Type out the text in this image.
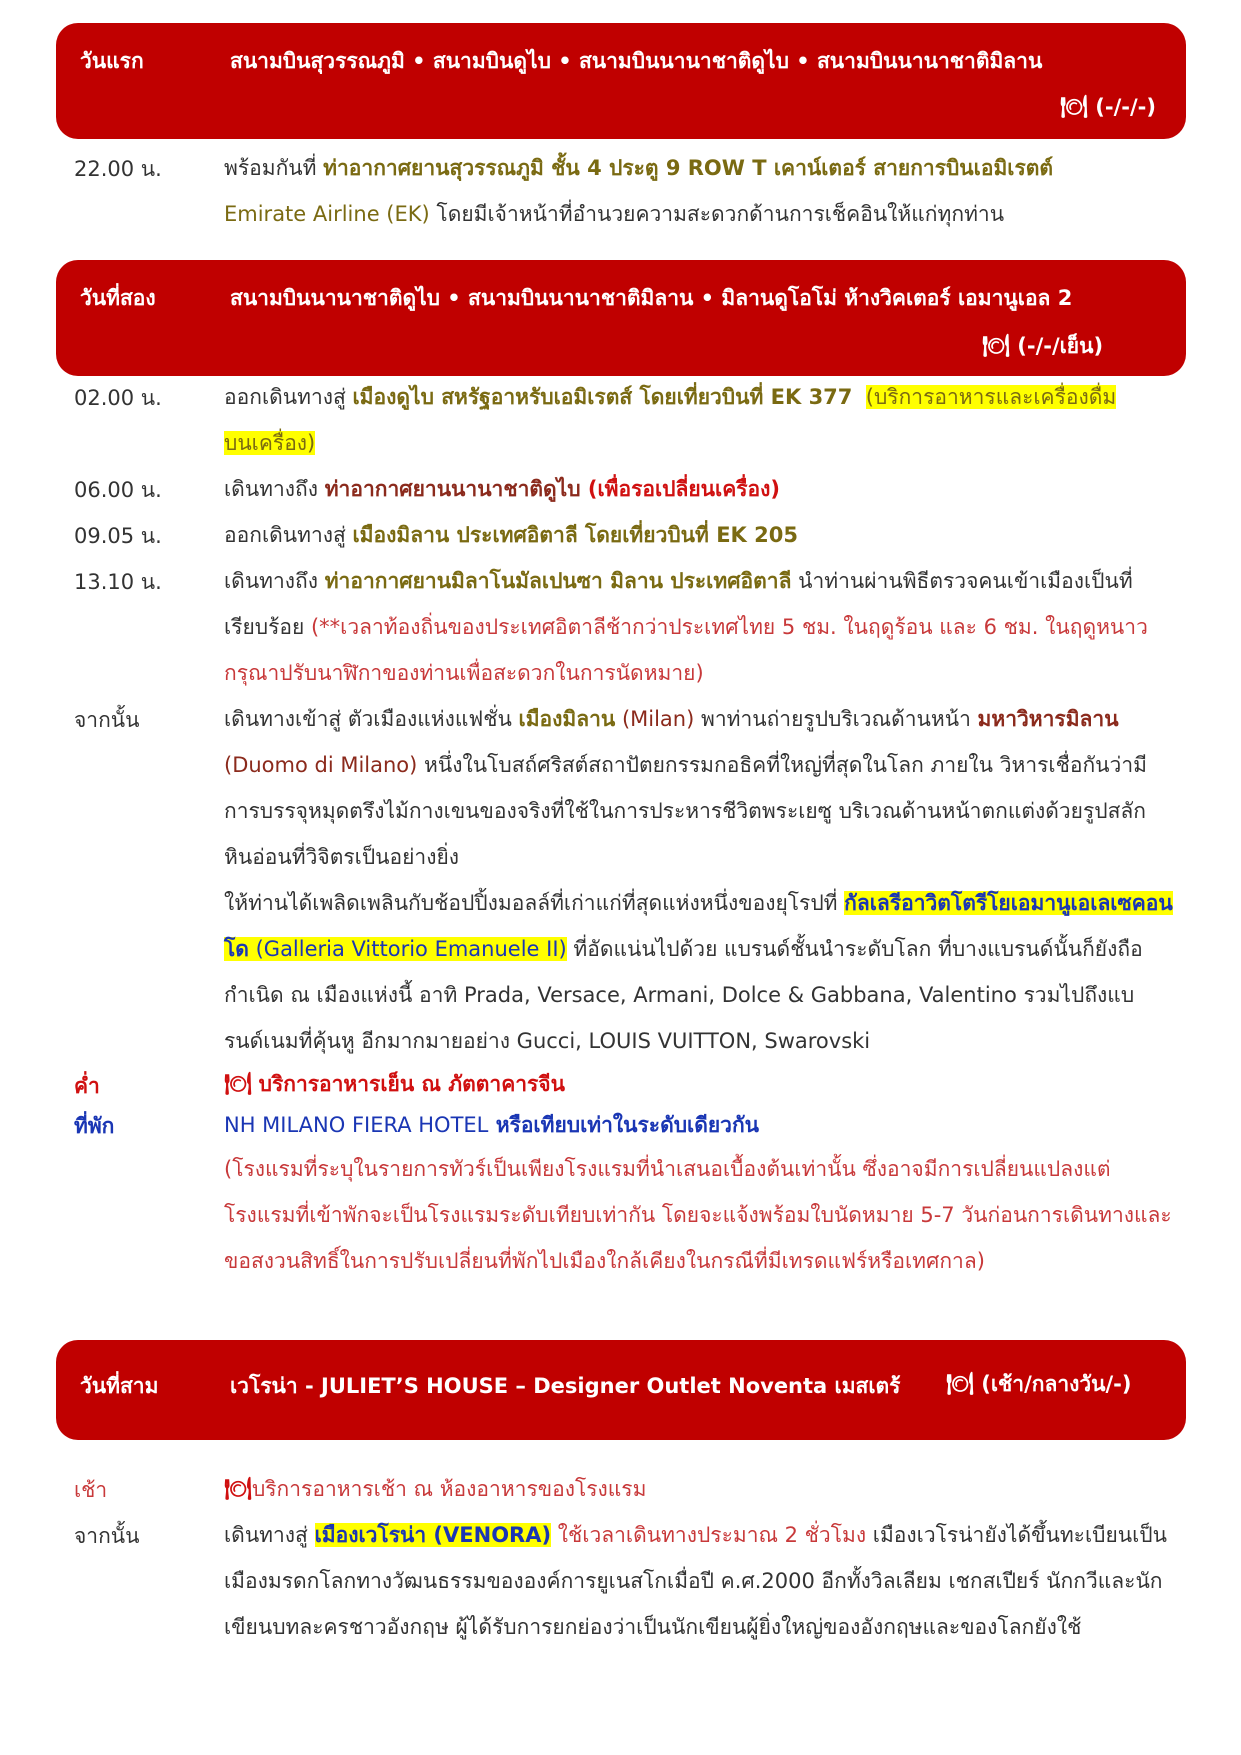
วันแรก	สนามบินสุวรรณภูมิ • สนามบินดูไบ • สนามบินนานาชาติดูไบ • สนามบินนานาชาติมิลาน
🍽 (-/-/-)
22.00 น.	พร้อมกันที่ ท่าอากาศยานสุวรรณภูมิ ชั้น 4 ประตู 9 ROW T เคาน์เตอร์ สายการบินเอมิเรตต์
Emirate Airline (EK) โดยมีเจ้าหน้าที่อำนวยความสะดวกด้านการเช็คอินให้แก่ทุกท่าน
วันที่สอง	สนามบินนานาชาติดูไบ • สนามบินนานาชาติมิลาน • มิลานดูโอโม่ ห้างวิคเตอร์ เอมานูเอล 2
🍽 (-/-/เย็น)
02.00 น.	ออกเดินทางสู่ เมืองดูไบ สหรัฐอาหรับเอมิเรตส์ โดยเที่ยวบินที่ EK 377 (บริการอาหารและเครื่องดื่ม
บนเครื่อง)
06.00 น.	เดินทางถึง ท่าอากาศยานนานาชาติดูไบ (เพื่อรอเปลี่ยนเครื่อง)
09.05 น.	ออกเดินทางสู่ เมืองมิลาน ประเทศอิตาลี โดยเที่ยวบินที่ EK 205
13.10 น.	เดินทางถึง ท่าอากาศยานมิลาโนมัลเปนซา มิลาน ประเทศอิตาลี นำท่านผ่านพิธีตรวจคนเข้าเมืองเป็นที่เรียบร้อย (**เวลาท้องถิ่นของประเทศอิตาลีช้ากว่าประเทศไทย 5 ชม. ในฤดูร้อน และ 6 ชม. ในฤดูหนาว กรุณาปรับนาฬิกาของท่านเพื่อสะดวกในการนัดหมาย)
จากนั้น	เดินทางเข้าสู่ ตัวเมืองแห่งแฟชั่น เมืองมิลาน (Milan) พาท่านถ่ายรูปบริเวณด้านหน้า มหาวิหารมิลาน (Duomo di Milano) หนึ่งในโบสถ์ศริสต์สถาปัตยกรรมกอธิคที่ใหญ่ที่สุดในโลก ภายใน วิหารเชื่อกันว่ามีการบรรจุหมุดตรึงไม้กางเขนของจริงที่ใช้ในการประหารชีวิตพระเยซู บริเวณด้านหน้าตกแต่งด้วยรูปสลักหินอ่อนที่วิจิตรเป็นอย่างยิ่ง
ให้ท่านได้เพลิดเพลินกับช้อปปิ้งมอลล์ที่เก่าแก่ที่สุดแห่งหนึ่งของยุโรปที่ กัลเลรีอาวิตโตรีโยเอมานูเอเลเซคอนโด (Galleria Vittorio Emanuele II) ที่อัดแน่นไปด้วย แบรนด์ชั้นนำระดับโลก ที่บางแบรนด์นั้นก็ยังถือ กำเนิด ณ เมืองแห่งนี้ อาทิ Prada, Versace, Armani, Dolce & Gabbana, Valentino รวมไปถึงแบรนด์เนมที่คุ้นหู อีกมากมายอย่าง Gucci, LOUIS VUITTON, Swarovski
ค่ำ	🍽 บริการอาหารเย็น ณ ภัตตาคารจีน
ที่พัก	NH MILANO FIERA HOTEL หรือเทียบเท่าในระดับเดียวกัน
(โรงแรมที่ระบุในรายการทัวร์เป็นเพียงโรงแรมที่นำเสนอเบื้องต้นเท่านั้น ซึ่งอาจมีการเปลี่ยนแปลงแต่โรงแรมที่เข้าพักจะเป็นโรงแรมระดับเทียบเท่ากัน โดยจะแจ้งพร้อมใบนัดหมาย 5-7 วันก่อนการเดินทางและขอสงวนสิทธิ์ในการปรับเปลี่ยนที่พักไปเมืองใกล้เคียงในกรณีที่มีเทรดแฟร์หรือเทศกาล)
วันที่สาม	เวโรน่า - JULIET’S HOUSE – Designer Outlet Noventa เมสเตร้ 🍽 (เช้า/กลางวัน/-)
เช้า	🍽บริการอาหารเช้า ณ ห้องอาหารของโรงแรม
จากนั้น	เดินทางสู่ เมืองเวโรน่า (VENORA) ใช้เวลาเดินทางประมาณ 2 ชั่วโมง เมืองเวโรน่ายังได้ขึ้นทะเบียนเป็นเมืองมรดกโลกทางวัฒนธรรมขององค์การยูเนสโกเมื่อปี ค.ศ.2000 อีกทั้งวิลเลียม เชกสเปียร์ นักกวีและนักเขียนบทละครชาวอังกฤษ ผู้ได้รับการยกย่องว่าเป็นนักเขียนผู้ยิ่งใหญ่ของอังกฤษและของโลกยังใช้
